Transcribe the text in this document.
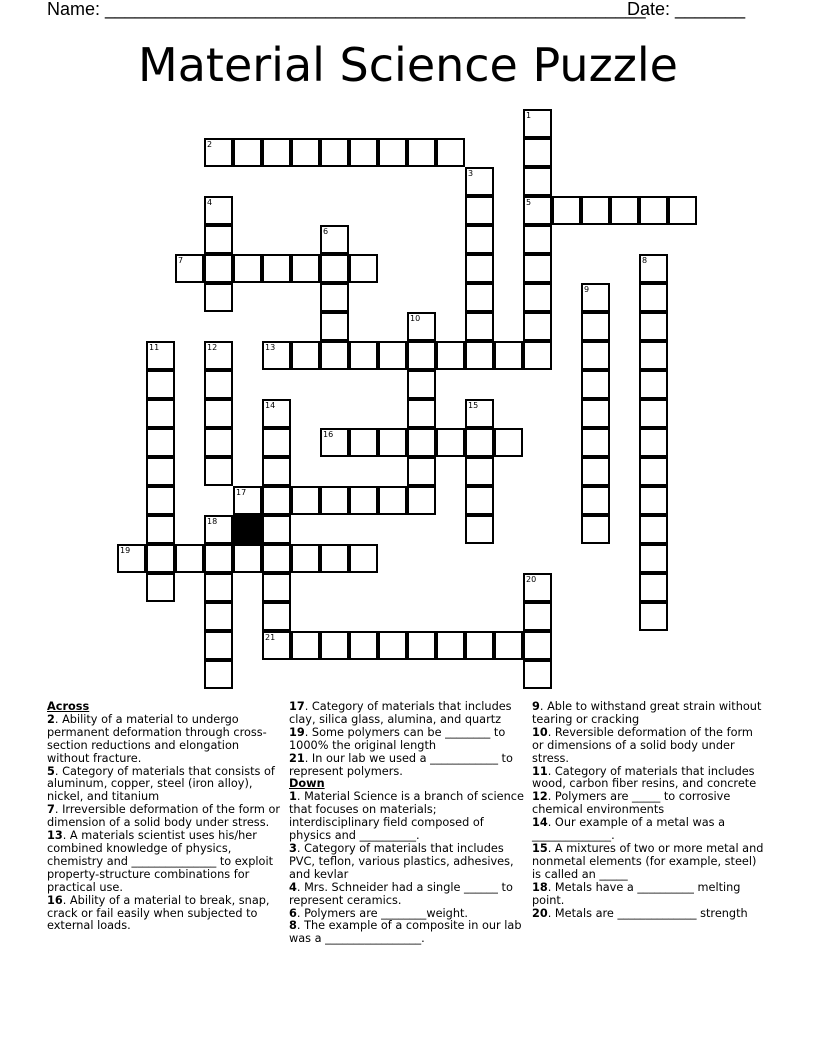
Name: ______________________________________________________
Date: _______
Material Science Puzzle
1
5
2
3
4
6
7	8
9
10
11	12	13
14
21
15
16
17
18
19
20

Across

2. Ability of a material to undergo permanent deformation through cross-section reductions and elongation without fracture.

5. Category of materials that consists of aluminum, copper, steel (iron alloy), nickel, and titanium

7. Irreversible deformation of the form or dimension of a solid body under stress.

13. A materials scientist uses his/her combined knowledge of physics, chemistry and _______________ to exploit property-structure combinations for practical use.

16. Ability of a material to break, snap, crack or fail easily when subjected to external loads.

17. Category of materials that includes clay, silica glass, alumina, and quartz

19. Some polymers can be ________ to 1000% the original length

21. In our lab we used a ____________ to represent polymers.

Down

1. Material Science is a branch of science that focuses on materials; interdisciplinary field composed of physics and __________.

3. Category of materials that includes PVC, teflon, various plastics, adhesives, and kevlar

4. Mrs. Schneider had a single ______ to represent ceramics.

6. Polymers are ________weight.

8. The example of a composite in our lab was a _________________.

9. Able to withstand great strain without tearing or cracking

10. Reversible deformation of the form or dimensions of a solid body under stress.

11. Category of materials that includes wood, carbon fiber resins, and concrete

12. Polymers are _____ to corrosive chemical environments

14. Our example of a metal was a ______________.

15. A mixtures of two or more metal and nonmetal elements (for example, steel) is called an _____

18. Metals have a __________ melting point.

20. Metals are ______________ strength
